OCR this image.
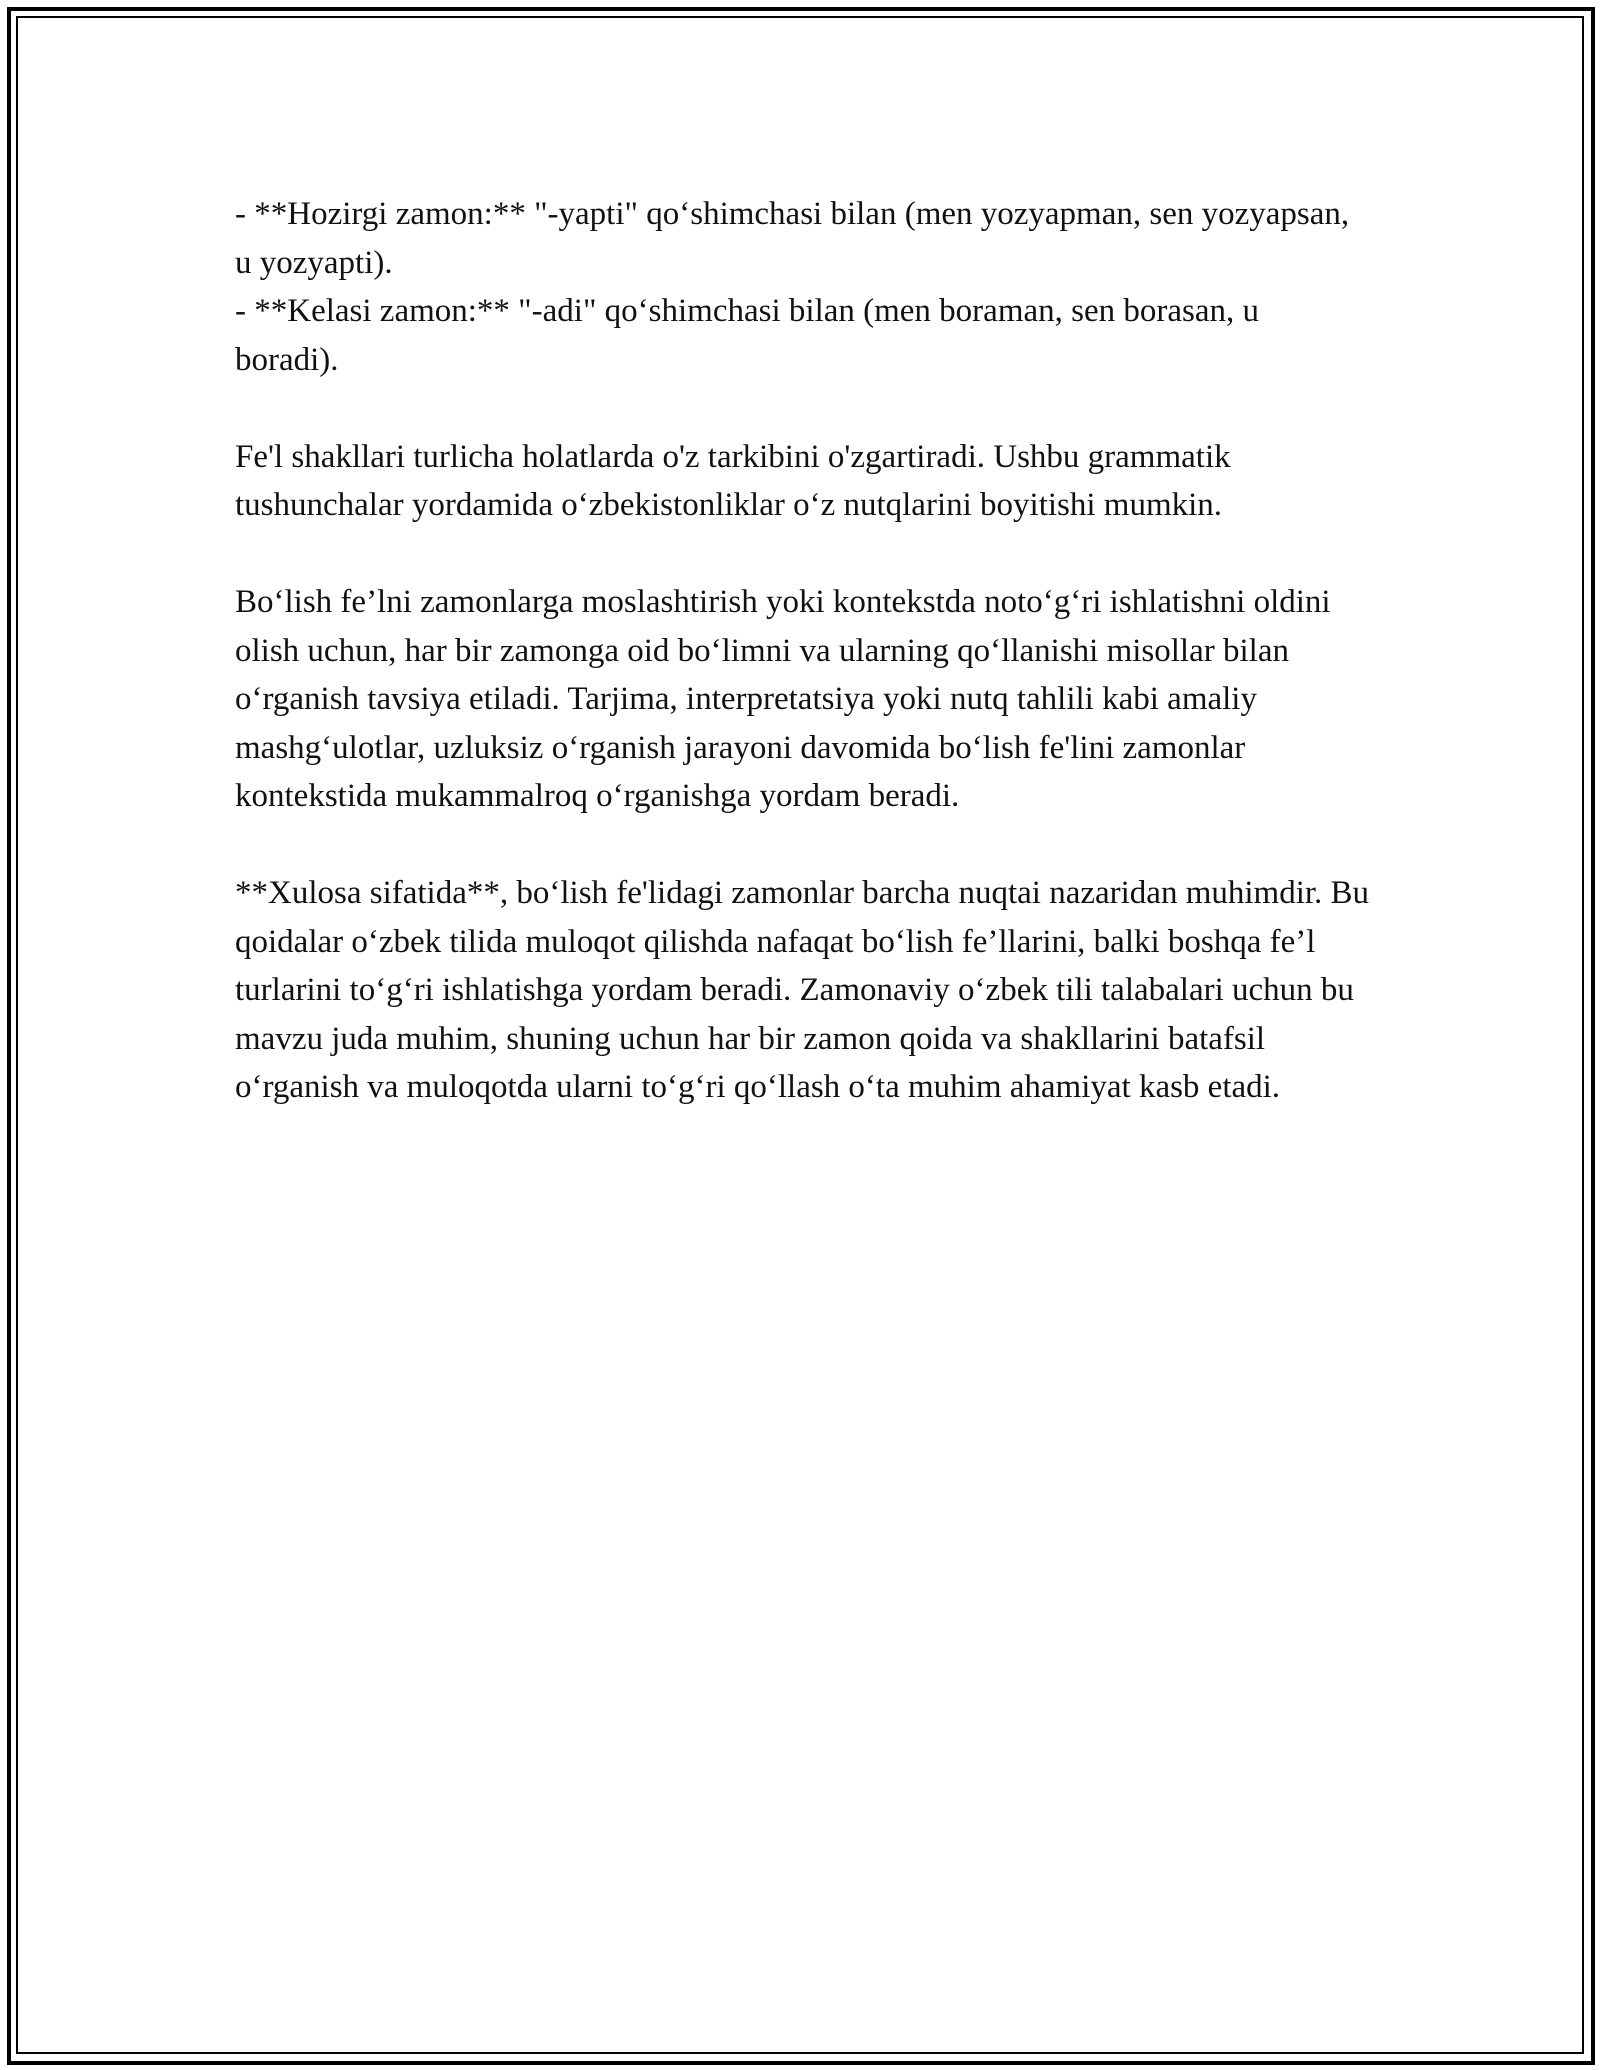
- **Hozirgi zamon:** "-yapti" qo‘shimchasi bilan (men yozyapman, sen yozyapsan, u yozyapti).

- **Kelasi zamon:** "-adi" qo‘shimchasi bilan (men boraman, sen borasan, u boradi).

Fe'l shakllari turlicha holatlarda o'z tarkibini o'zgartiradi. Ushbu grammatik tushunchalar yordamida o‘zbekistonliklar o‘z nutqlarini boyitishi mumkin.

Bo‘lish fe’lni zamonlarga moslashtirish yoki kontekstda noto‘g‘ri ishlatishni oldini olish uchun, har bir zamonga oid bo‘limni va ularning qo‘llanishi misollar bilan o‘rganish tavsiya etiladi. Tarjima, interpretatsiya yoki nutq tahlili kabi amaliy mashg‘ulotlar, uzluksiz o‘rganish jarayoni davomida bo‘lish fe'lini zamonlar kontekstida mukammalroq o‘rganishga yordam beradi.

**Xulosa sifatida**, bo‘lish fe'lidagi zamonlar barcha nuqtai nazaridan muhimdir. Bu qoidalar o‘zbek tilida muloqot qilishda nafaqat bo‘lish fe’llarini, balki boshqa fe’l turlarini to‘g‘ri ishlatishga yordam beradi. Zamonaviy o‘zbek tili talabalari uchun bu mavzu juda muhim, shuning uchun har bir zamon qoida va shakllarini batafsil o‘rganish va muloqotda ularni to‘g‘ri qo‘llash o‘ta muhim ahamiyat kasb etadi.
